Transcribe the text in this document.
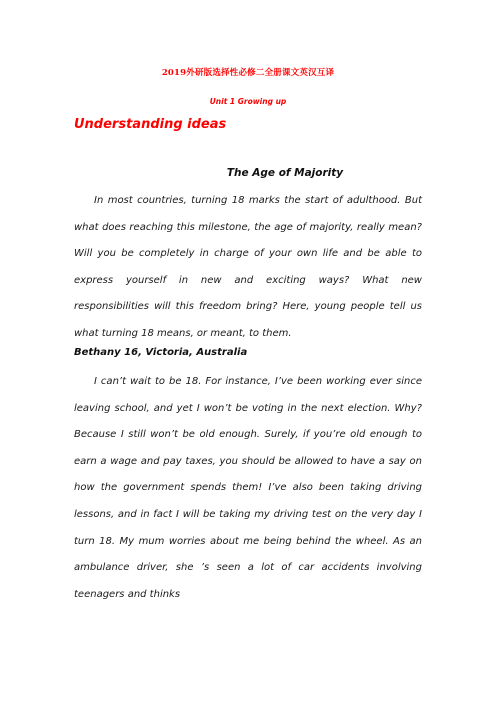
2019外研版选择性必修二全册课文英汉互译
Unit 1 Growing up
Understanding ideas
The Age of Majority

In most countries, turning 18 marks the start of adulthood. But what does reaching this milestone, the age of majority, really mean? Will you be completely in charge of your own life and be able to express yourself in new and exciting ways? What new responsibilities will this freedom bring? Here, young people tell us what turning 18 means, or meant, to them.

Bethany 16, Victoria, Australia

I can’t wait to be 18. For instance, I’ve been working ever since leaving school, and yet I won’t be voting in the next election. Why? Because I still won’t be old enough. Surely, if you’re old enough to earn a wage and pay taxes, you should be allowed to have a say on how the government spends them! I’ve also been taking driving lessons, and in fact I will be taking my driving test on the very day I turn 18. My mum worries about me being behind the wheel. As an ambulance driver, she ’s seen a lot of car accidents involving teenagers and thinks
